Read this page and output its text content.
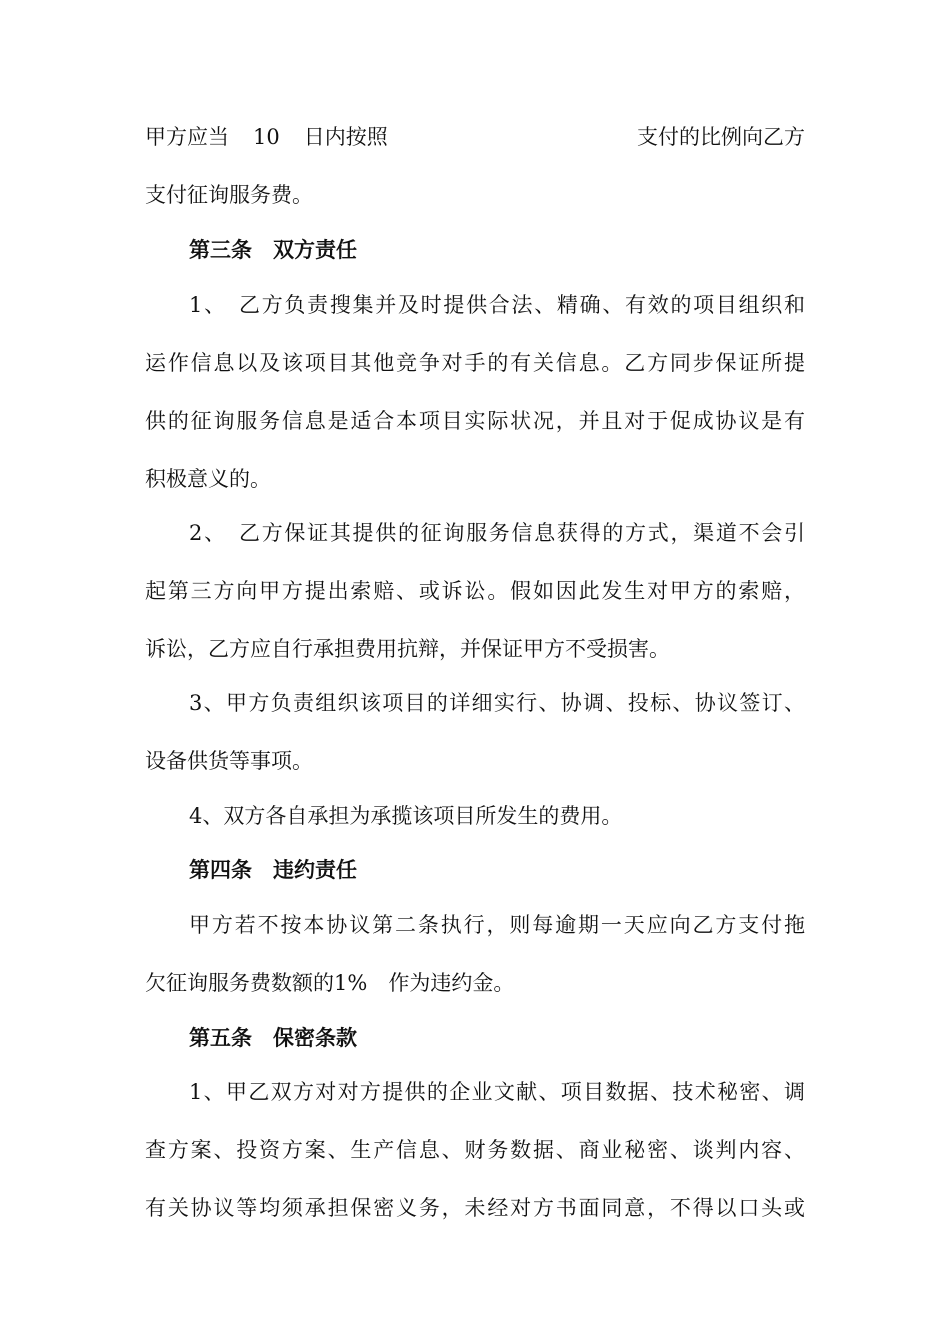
甲方应当 10 日内按照	支付的比例向乙方
支付征询服务费。
第三条　双方责任
1、　乙方负责搜集并及时提供合法、精确、有效的项目组织和
运作信息以及该项目其他竞争对手的有关信息。乙方同步保证所提
供的征询服务信息是适合本项目实际状况，并且对于促成协议是有
积极意义的。
2、　乙方保证其提供的征询服务信息获得的方式，渠道不会引
起第三方向甲方提出索赔、或诉讼。假如因此发生对甲方的索赔，
诉讼，乙方应自行承担费用抗辩，并保证甲方不受损害。
3、甲方负责组织该项目的详细实行、协调、投标、协议签订、
设备供货等事项。
4、双方各自承担为承揽该项目所发生的费用。
第四条　违约责任
甲方若不按本协议第二条执行，则每逾期一天应向乙方支付拖
欠征询服务费数额的1%　作为违约金。
第五条　保密条款
1、甲乙双方对对方提供的企业文献、项目数据、技术秘密、调
查方案、投资方案、生产信息、财务数据、商业秘密、谈判内容、
有关协议等均须承担保密义务，未经对方书面同意，不得以口头或
